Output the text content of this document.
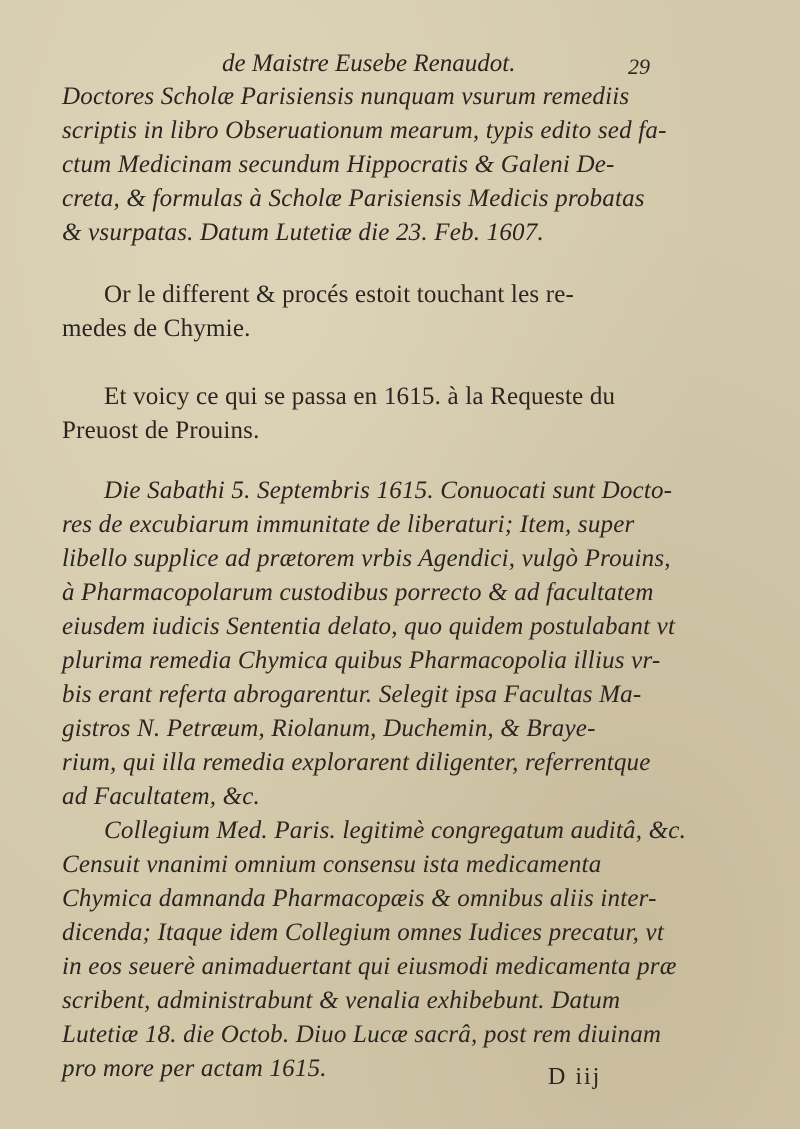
de Maistre Eusebe Renaudot.	29
Doctores Scholæ Parisiensis nunquam vsurum remediis
scriptis in libro Obseruationum mearum, typis edito sed fa-
ctum Medicinam secundum Hippocratis & Galeni De-
creta, & formulas à Scholæ Parisiensis Medicis probatas
& vsurpatas. Datum Lutetiæ die 23. Feb. 1607.
Or le different & procés estoit touchant les re-
medes de Chymie.
Et voicy ce qui se passa en 1615. à la Requeste du
Preuost de Prouins.
Die Sabathi 5. Septembris 1615. Conuocati sunt Docto-
res de excubiarum immunitate de liberaturi; Item, super
libello supplice ad prætorem vrbis Agendici, vulgò Prouins,
à Pharmacopolarum custodibus porrecto & ad facultatem
eiusdem iudicis Sententia delato, quo quidem postulabant vt
plurima remedia Chymica quibus Pharmacopolia illius vr-
bis erant referta abrogarentur. Selegit ipsa Facultas Ma-
gistros N. Petræum, Riolanum, Duchemin, & Braye-
rium, qui illa remedia explorarent diligenter, referrentque
ad Facultatem, &c.
Collegium Med. Paris. legitimè congregatum auditâ, &c.
Censuit vnanimi omnium consensu ista medicamenta
Chymica damnanda Pharmacopæis & omnibus aliis inter-
dicenda; Itaque idem Collegium omnes Iudices precatur, vt
in eos seuerè animaduertant qui eiusmodi medicamenta præ
scribent, administrabunt & venalia exhibebunt. Datum
Lutetiæ 18. die Octob. Diuo Lucæ sacrâ, post rem diuinam
pro more per actam 1615.	D iij
